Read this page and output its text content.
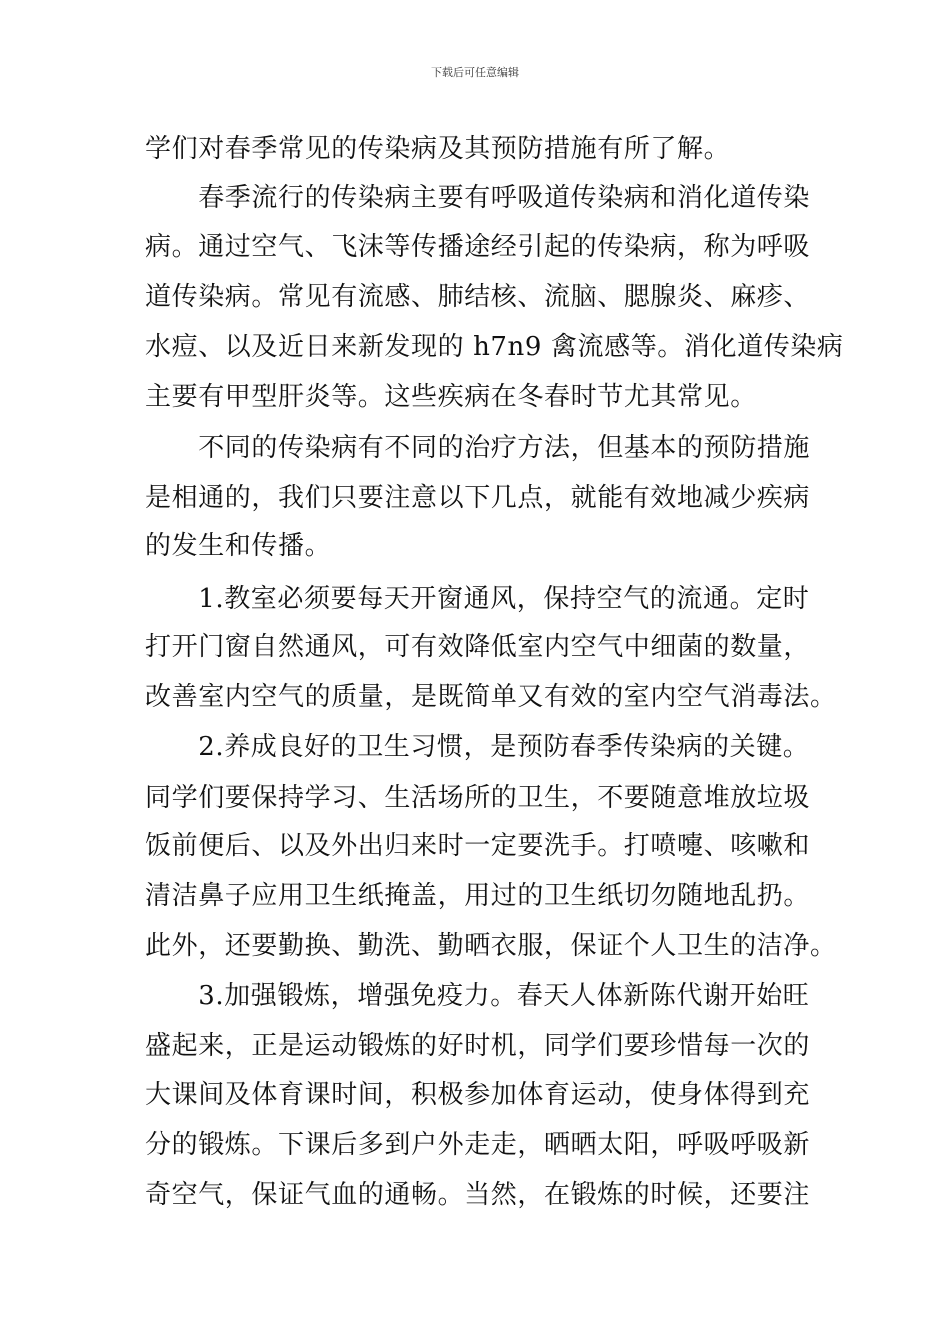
下载后可任意编辑
学们对春季常见的传染病及其预防措施有所了解。
　　春季流行的传染病主要有呼吸道传染病和消化道传染
病。通过空气、飞沫等传播途经引起的传染病，称为呼吸
道传染病。常见有流感、肺结核、流脑、腮腺炎、麻疹、
水痘、以及近日来新发现的 h7n9 禽流感等。消化道传染病
主要有甲型肝炎等。这些疾病在冬春时节尤其常见。
　　不同的传染病有不同的治疗方法，但基本的预防措施
是相通的，我们只要注意以下几点，就能有效地减少疾病
的发生和传播。
　　1.教室必须要每天开窗通风，保持空气的流通。定时
打开门窗自然通风，可有效降低室内空气中细菌的数量，
改善室内空气的质量，是既简单又有效的室内空气消毒法。
　　2.养成良好的卫生习惯，是预防春季传染病的关键。
同学们要保持学习、生活场所的卫生，不要随意堆放垃圾
饭前便后、以及外出归来时一定要洗手。打喷嚏、咳嗽和
清洁鼻子应用卫生纸掩盖，用过的卫生纸切勿随地乱扔。
此外，还要勤换、勤洗、勤晒衣服，保证个人卫生的洁净。
　　3.加强锻炼，增强免疫力。春天人体新陈代谢开始旺
盛起来，正是运动锻炼的好时机，同学们要珍惜每一次的
大课间及体育课时间，积极参加体育运动，使身体得到充
分的锻炼。下课后多到户外走走，晒晒太阳，呼吸呼吸新
奇空气，保证气血的通畅。当然，在锻炼的时候，还要注
